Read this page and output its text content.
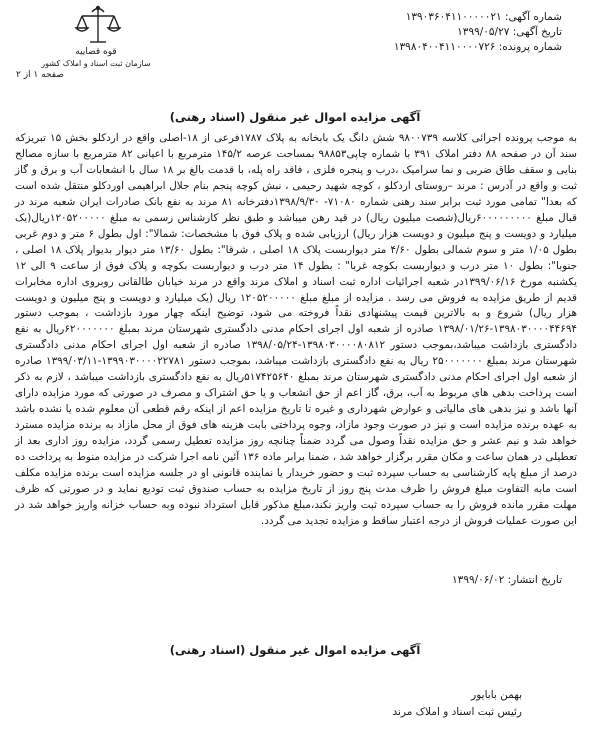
شماره آگهی: ۱۳۹۰۳۶۰۴۱۱۰۰۰۰۰۲۱
تاریخ آگهی: ۱۳۹۹/۰۵/۲۷
شماره پرونده: ۱۳۹۸۰۴۰۰۴۱۱۰۰۰۰۷۲۶
قوه قضاییه
سازمان ثبت اسناد و املاک کشور
صفحه ۱ از ۲
آگهی مزایده اموال غیر منقول (اسناد رهنی)
به موجب پرونده اجرائی کلاسه ۹۸۰۰۷۳۹ شش دانگ یک بابخانه به پلاک ۱۷۸۷فرعی از ۱۸-اصلی واقع در اردکلو بخش ۱۵ تبریزکه سند آن در صفحه ۸۸ دفتر املاک ۳۹۱ با شماره چاپی۹۸۸۵۳ بمساحت عرصه ۱۴۵/۲ مترمربع با اعیانی ۸۲ مترمربع با سازه مصالح بنایی و سقف طاق ضربی و نما سرامیک ،درب و پنجره فلزی ، فاقد راه پله، با قدمت بالغ بر ۱۸ سال با انشعابات آب و برق و گاز ثبت و واقع در آدرس : مرند –روستای اردکلو ، کوچه شهید رحیمی ، نبش کوچه پنجم بنام جلال ابراهیمی اوردکلو منتقل شده است که بعدا" تمامی مورد ثبت برابر سند رهنی شماره ۷۱۰۸۰- ۱۳۹۸/۹/۳۰دفترخانه ۸۱ مرند به نفع بانک صادرات ایران شعبه مرند در قبال مبلغ ۶۰۰۰۰۰۰۰۰۰ریال(شصت میلیون ریال) در قید رهن میباشد و طبق نظر کارشناس رسمی به مبلغ ۱۲۰۵۲۰۰۰۰۰ریال(یک میلیارد و دویست و پنج میلیون و دویست هزار ریال) ارزیابی شده و پلاک فوق با مشخصات: شمالا": اول بطول ۶ متر و دوم غربی بطول ۱/۰۵ متر و سوم شمالی بطول ۴/۶۰ متر دیواربست پلاک ۱۸ اصلی ، شرقا": بطول ۱۳/۶۰ متر دیوار بدیوار پلاک ۱۸ اصلی ، جنوبا": بطول ۱۰ متر درب و دیواربست بکوچه غربا" : بطول ۱۴ متر درب و دیواربست بکوچه و پلاک فوق از ساعت ۹ الی ۱۲ یکشنبه مورخ ۱۳۹۹/۰۶/۱۶در شعبه اجرائیات اداره ثبت اسناد و املاک مرند واقع در مرند خیابان طالقانی روبروی اداره مخابرات قدیم از طریق مزایده به فروش می رسد . مزایده از مبلغ مبلغ ۱۲۰۵۲۰۰۰۰۰ ریال (یک میلیارد و دویست و پنج میلیون و دویست هزار ریال) شروع و به بالاترین قیمت پیشنهادی نقداً فروخته می شود، توضیح اینکه چهار مورد بازداشت ، بموجب دستور ۱۳۹۸۰۳۰۰۰۰۴۴۶۹۴-۱۳۹۸/۰۱/۲۶ صادره از شعبه اول اجرای احکام مدنی دادگستری شهرستان مرند بمبلغ ۶۲۰۰۰۰۰۰۰ریال به نفع دادگستری بازداشت میباشد،بموجب دستور ۱۳۹۸۰۳۰۰۰۰۸۰۸۱۲-۱۳۹۸/۰۵/۲۴ صادره از شعبه اول اجرای احکام مدنی دادگستری شهرستان مرند بمبلغ ۲۵۰۰۰۰۰۰۰ ریال به نفع دادگستری بازداشت میباشد، بموجب دستور ۱۳۹۹۰۳۰۰۰۰۲۲۷۸۱-۱۳۹۹/۰۳/۱۱ صادره از شعبه اول اجرای احکام مدنی دادگستری شهرستان مرند بمبلغ ۵۱۷۴۲۵۶۴۰ریال به نفع دادگستری بازداشت میباشد ، لازم به ذکر است پرداخت بدهی های مربوط به آب، برق، گاز اعم از حق انشعاب و یا حق اشتراک و مصرف در صورتی که مورد مزایده دارای آنها باشد و نیز بدهی های مالیاتی و عوارض شهرداری و غیره تا تاریخ مزایده اعم از اینکه رقم قطعی آن معلوم شده یا نشده باشد به عهده برنده مزایده است و نیز در صورت وجود مازاد، وجوه پرداختی بابت هزینه های فوق از محل مازاد به برنده مزایده مسترد خواهد شد و نیم عشر و حق مزایده نقداً وصول می گردد ضمناً چنانچه روز مزایده تعطیل رسمی گردد، مزایده روز اداری بعد از تعطیلی در همان ساعت و مکان مقرر برگزار خواهد شد ، ضمنا برابر ماده ۱۳۶ آئین نامه اجرا شرکت در مزایده منوط به پرداخت ده درصد از مبلغ پایه کارشناسی به حساب سپرده ثبت و حضور خریدار یا نماینده قانونی او در جلسه مزایده است برنده مزایده مکلف است مابه التفاوت مبلغ فروش را ظرف مدت پنج روز از تاریخ مزایده به حساب صندوق ثبت تودیع نماید و در صورتی که ظرف مهلت مقرر مانده فروش را به حساب سپرده ثبت واریز نکند،مبلغ مذکور قابل استرداد نبوده وبه حساب خزانه واریز خواهد شد در این صورت عملیات فروش از درجه اعتبار ساقط و مزایده تجدید می گردد.
تاریخ انتشار: ۱۳۹۹/۰۶/۰۲
آگهی مزایده اموال غیر منقول (اسناد رهنی)
بهمن بابایور
رئیس ثبت اسناد و املاک مرند
